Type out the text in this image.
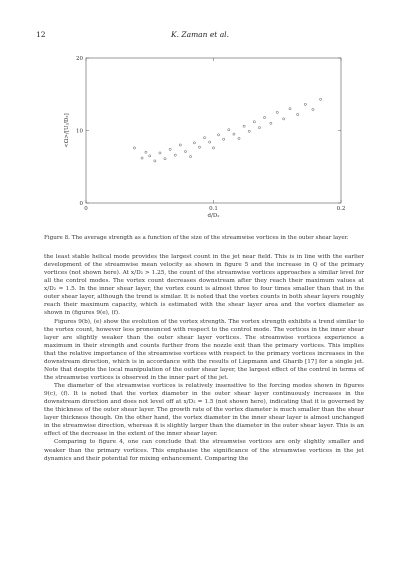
12	K. Zaman et al.
0	0.1	0.2
0
10
20
<Ω>/[Uⱼ/D₂]
d/D₂
Figure 8. The average strength as a function of the size of the streamwise vortices in the outer shear layer.

the least stable helical mode provides the largest count in the jet near field. This is in line with the earlier development of the streamwise mean velocity as shown in figure 5 and the increase in Q of the primary vortices (not shown here). At x/D₂ > 1.25, the count of the streamwise vortices approaches a similar level for all the control modes. The vortex count decreases downstream after they reach their maximum values at x/D₂ ≈ 1.5. In the inner shear layer, the vortex count is almost three to four times smaller than that in the outer shear layer, although the trend is similar. It is noted that the vortex counts in both shear layers roughly reach their maximum capacity, which is estimated with the shear layer area and the vortex diameter as shown in (figures 9(e), (f).

Figures 9(b), (e) show the evolution of the vortex strength. The vortex strength exhibits a trend similar to the vortex count, however less pronounced with respect to the control mode. The vortices in the inner shear layer are slightly weaker than the outer shear layer vortices. The streamwise vortices experience a maximum in their strength and counts further from the nozzle exit than the primary vortices. This implies that the relative importance of the streamwise vortices with respect to the primary vortices increases in the downstream direction, which is in accordance with the results of Liepmann and Gharib [17] for a single jet. Note that despite the local manipulation of the outer shear layer, the largest effect of the control in terms of the streamwise vortices is observed in the inner part of the jet.

The diameter of the streamwise vortices is relatively insensitive to the forcing modes shown in figures 9(c), (f). It is noted that the vortex diameter in the outer shear layer continuously increases in the downstream direction and does not level off at x/D₂ = 1.5 (not shown here), indicating that it is governed by the thickness of the outer shear layer. The growth rate of the vortex diameter is much smaller than the shear layer thickness though. On the other hand, the vortex diameter in the inner shear layer is almost unchanged in the streamwise direction, whereas it is slightly larger than the diameter in the outer shear layer. This is an effect of the decrease in the extent of the inner shear layer.

Comparing to figure 4, one can conclude that the streamwise vortices are only slightly smaller and weaker than the primary vortices. This emphasise the significance of the streamwise vortices in the jet dynamics and their potential for mixing enhancement. Comparing the
